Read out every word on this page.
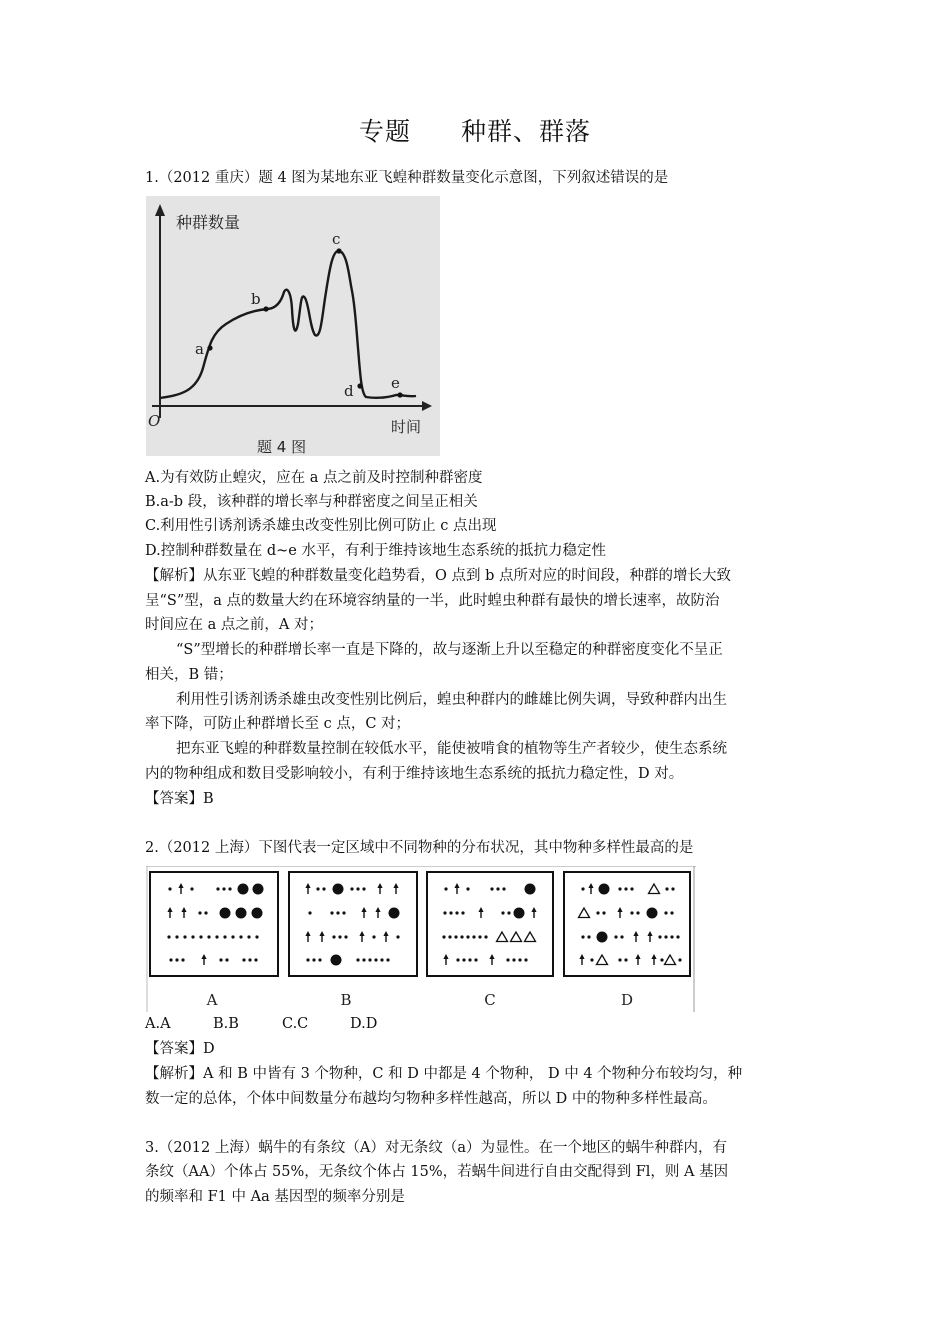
专题 种群、群落
1.（2012 重庆）题 4 图为某地东亚飞蝗种群数量变化示意图，下列叙述错误的是
种群数量
时间
O
题 4 图
a
b
c
d e
A.为有效防止蝗灾，应在 a 点之前及时控制种群密度
B.a-b 段，该种群的增长率与种群密度之间呈正相关
C.利用性引诱剂诱杀雄虫改变性别比例可防止 c 点出现
D.控制种群数量在 d~e 水平，有利于维持该地生态系统的抵抗力稳定性
【解析】从东亚飞蝗的种群数量变化趋势看，O 点到 b 点所对应的时间段，种群的增长大致
呈“S”型，a 点的数量大约在环境容纳量的一半，此时蝗虫种群有最快的增长速率，故防治
时间应在 a 点之前，A 对；
“S”型增长的种群增长率一直是下降的，故与逐渐上升以至稳定的种群密度变化不呈正
相关，B 错；
利用性引诱剂诱杀雄虫改变性别比例后，蝗虫种群内的雌雄比例失调，导致种群内出生
率下降，可防止种群增长至 c 点，C 对；
把东亚飞蝗的种群数量控制在较低水平，能使被啃食的植物等生产者较少，使生态系统
内的物种组成和数目受影响较小，有利于维持该地生态系统的抵抗力稳定性，D 对。
【答案】B
2.（2012 上海）下图代表一定区域中不同物种的分布状况，其中物种多样性最高的是
A	B	C	D
A.A	B.B	C.C	D.D
【答案】D
【解析】A 和 B 中皆有 3 个物种，C 和 D 中都是 4 个物种， D 中 4 个物种分布较均匀，种
数一定的总体，个体中间数量分布越均匀物种多样性越高，所以 D 中的物种多样性最高。
3.（2012 上海）蜗牛的有条纹（A）对无条纹（a）为显性。在一个地区的蜗牛种群内，有
条纹（AA）个体占 55%，无条纹个体占 15%，若蜗牛间进行自由交配得到 Fl，则 A 基因
的频率和 F1 中 Aa 基因型的频率分别是
